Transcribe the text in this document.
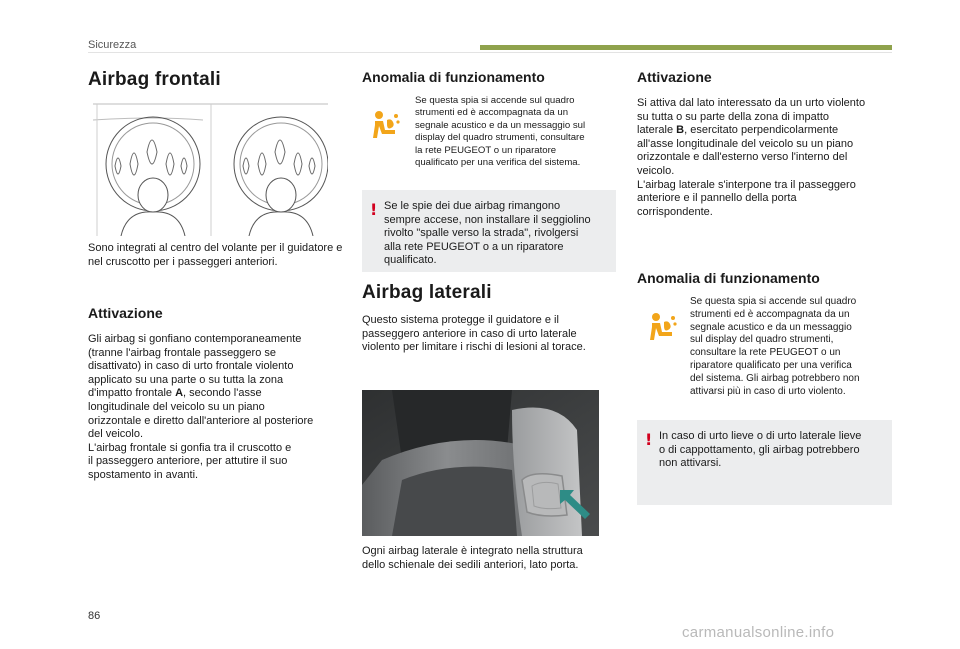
Sicurezza
Airbag frontali

Sono integrati al centro del volante per il guidatore e nel cruscotto per i passeggeri anteriori.

Attivazione

Gli airbag si gonfiano contemporaneamente
(tranne l'airbag frontale passeggero se
disattivato) in caso di urto frontale violento
applicato su una parte o su tutta la zona
d'impatto frontale A, secondo l'asse
longitudinale del veicolo su un piano
orizzontale e diretto dall'anteriore al posteriore
del veicolo.
L'airbag frontale si gonfia tra il cruscotto e
il passeggero anteriore, per attutire il suo
spostamento in avanti.

Anomalia di funzionamento

Se questa spia si accende sul quadro
strumenti ed è accompagnata da un
segnale acustico e da un messaggio sul
display del quadro strumenti, consultare
la rete PEUGEOT o un riparatore
qualificato per una verifica del sistema.

! Se le spie dei due airbag rimangono
sempre accese, non installare il seggiolino
rivolto "spalle verso la strada", rivolgersi
alla rete PEUGEOT o a un riparatore
qualificato.

Airbag laterali

Questo sistema protegge il guidatore e il
passeggero anteriore in caso di urto laterale
violento per limitare i rischi di lesioni al torace.

Ogni airbag laterale è integrato nella struttura
dello schienale dei sedili anteriori, lato porta.

Attivazione

Si attiva dal lato interessato da un urto violento
su tutta o su parte della zona di impatto
laterale B, esercitato perpendicolarmente
all'asse longitudinale del veicolo su un piano
orizzontale e dall'esterno verso l'interno del
veicolo.
L'airbag laterale s'interpone tra il passeggero
anteriore e il pannello della porta
corrispondente.

Anomalia di funzionamento

Se questa spia si accende sul quadro
strumenti ed è accompagnata da un
segnale acustico e da un messaggio
sul display del quadro strumenti,
consultare la rete PEUGEOT o un
riparatore qualificato per una verifica
del sistema. Gli airbag potrebbero non
attivarsi più in caso di urto violento.

! In caso di urto lieve o di urto laterale lieve
o di cappottamento, gli airbag potrebbero
non attivarsi.

86
carmanualsonline.info
